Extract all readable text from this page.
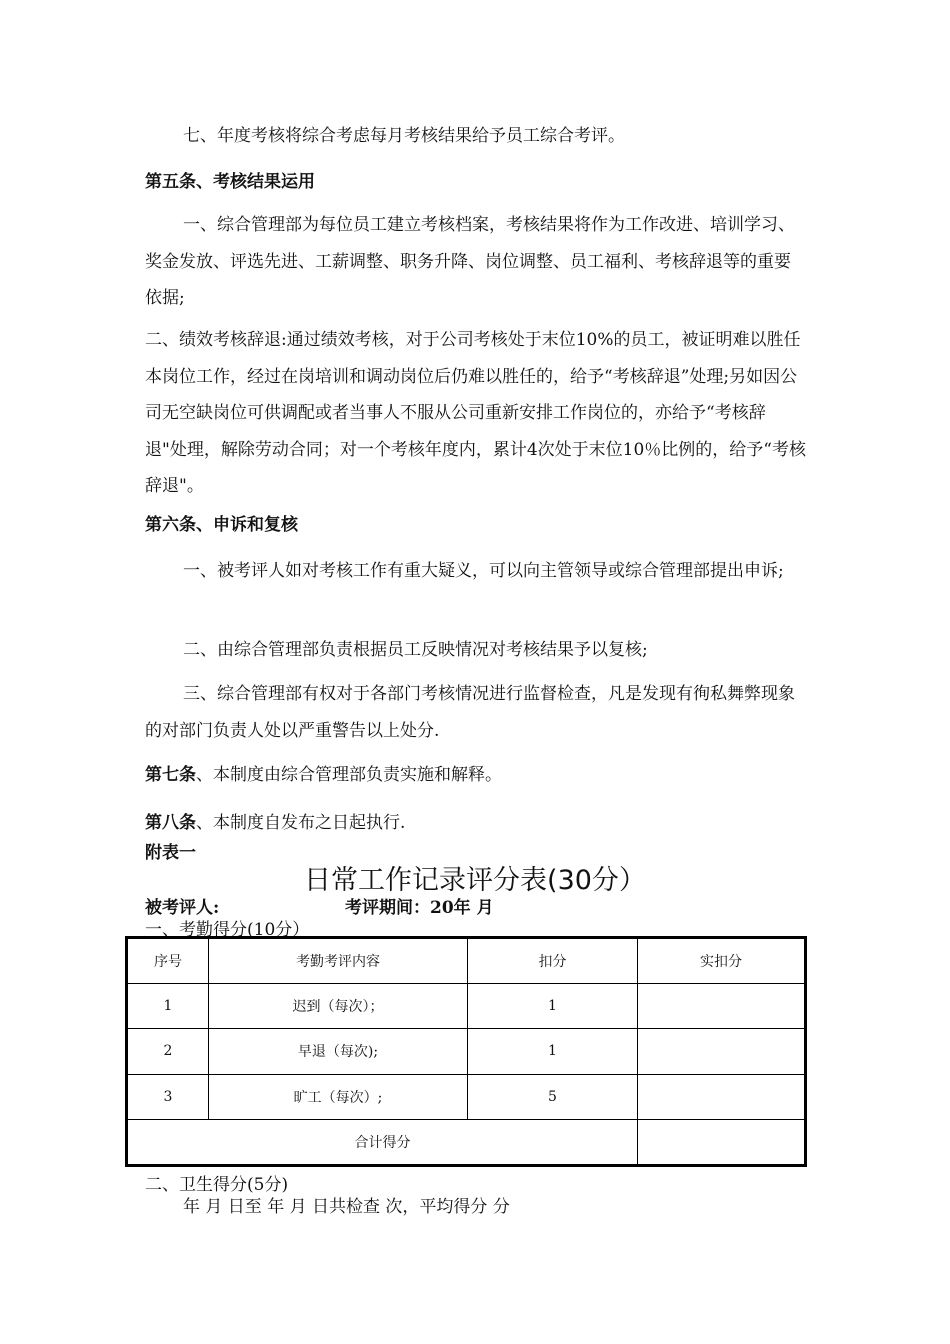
七、年度考核将综合考虑每月考核结果给予员工综合考评。

第五条、考核结果运用

一、综合管理部为每位员工建立考核档案，考核结果将作为工作改进、培训学习、奖金发放、评选先进、工薪调整、职务升降、岗位调整、员工福利、考核辞退等的重要依据;

二、绩效考核辞退:通过绩效考核，对于公司考核处于末位10%的员工，被证明难以胜任本岗位工作，经过在岗培训和调动岗位后仍难以胜任的，给予“考核辞退”处理;另如因公司无空缺岗位可供调配或者当事人不服从公司重新安排工作岗位的，亦给予“考核辞退"处理，解除劳动合同；对一个考核年度内，累计4次处于末位10％比例的，给予“考核辞退"。

第六条、申诉和复核

一、被考评人如对考核工作有重大疑义，可以向主管领导或综合管理部提出申诉;

二、由综合管理部负责根据员工反映情况对考核结果予以复核;

三、综合管理部有权对于各部门考核情况进行监督检查，凡是发现有徇私舞弊现象的对部门负责人处以严重警告以上处分.

第七条、本制度由综合管理部负责实施和解释。

第八条、本制度自发布之日起执行.

附表一
日常工作记录评分表(30分）
被考评人:	考评期间：20年 月
一、考勤得分(10分）
序号	考勤考评内容	扣分	实扣分
1	迟到（每次）；	1	
2	早退（每次);	1	
3	旷工（每次）;	5	
合计得分			
二、卫生得分(5分)
年 月 日至 年 月 日共检查 次，平均得分 分
